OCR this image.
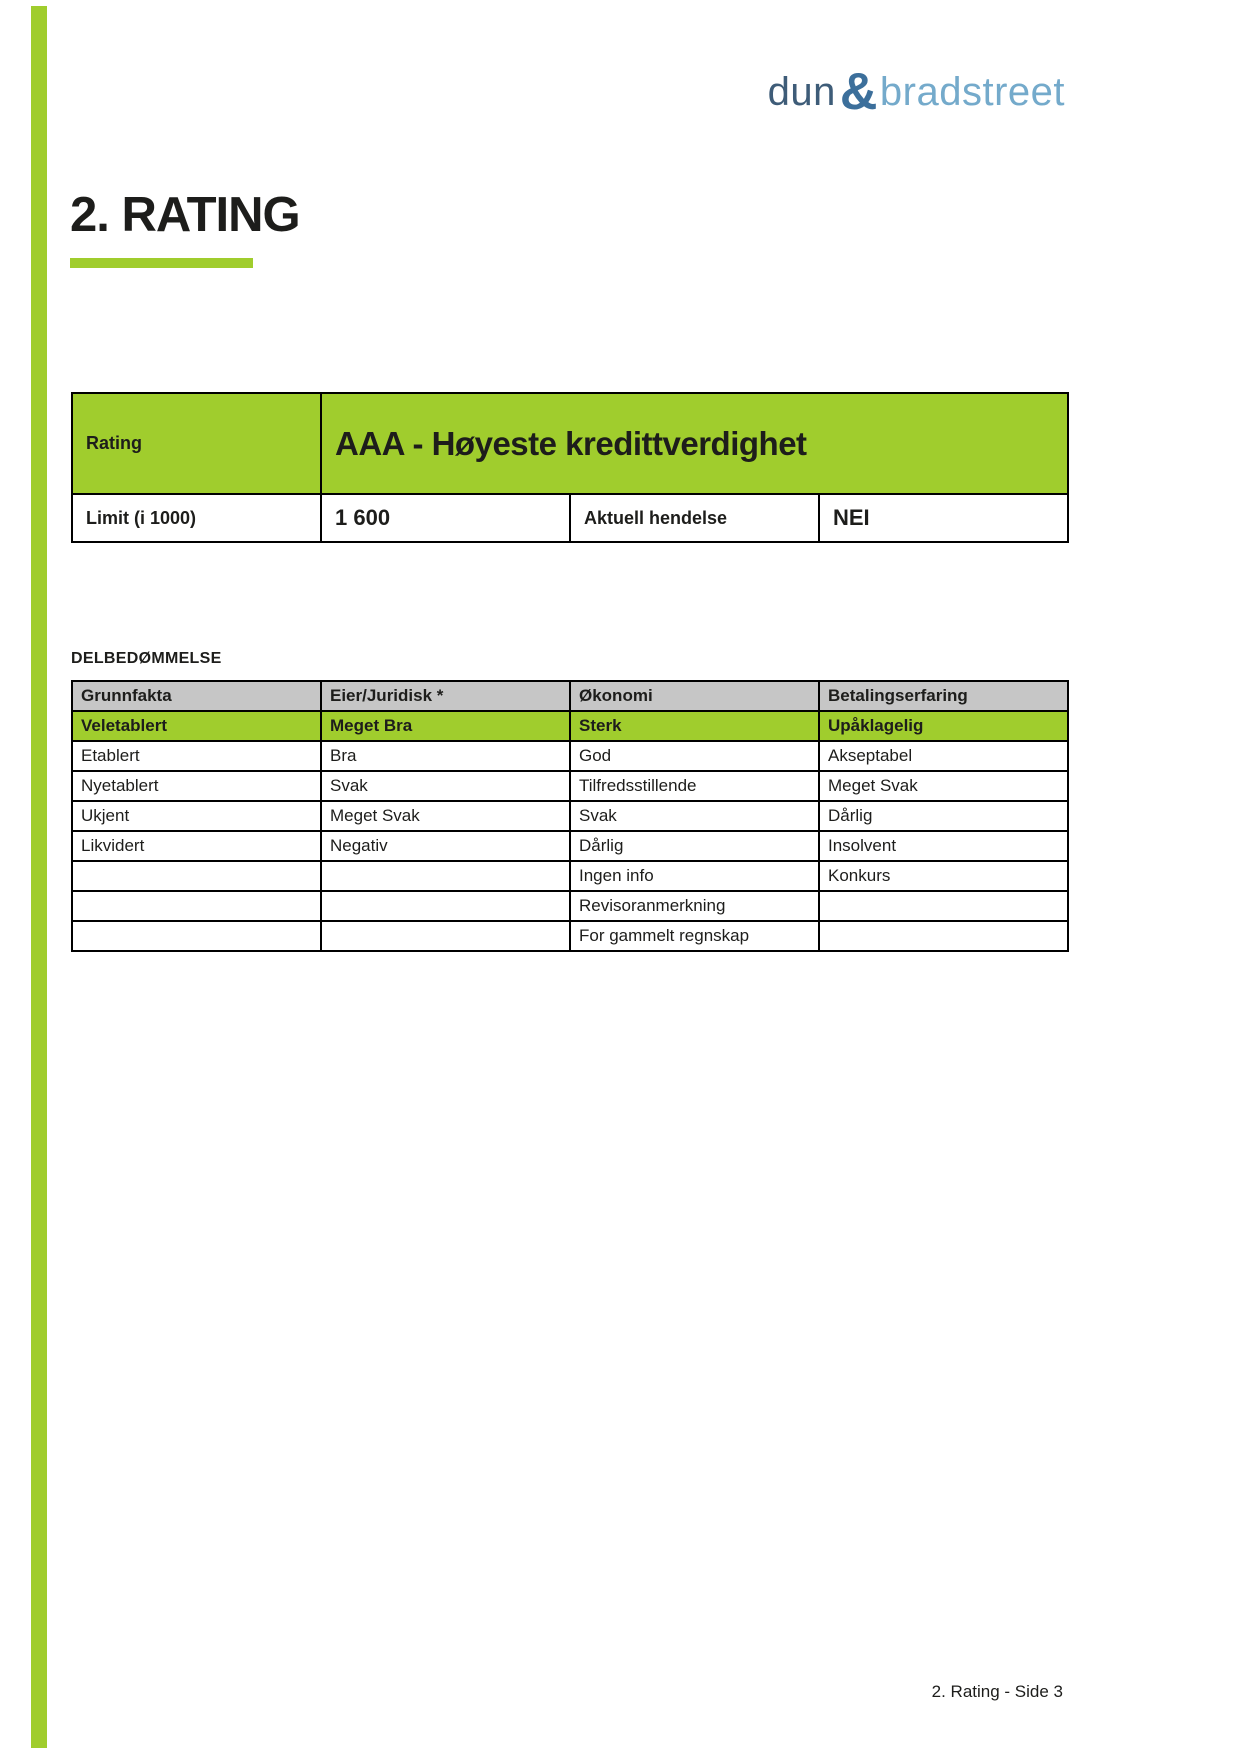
dun&bradstreet
2. RATING
Rating	AAA - Høyeste kredittverdighet		
Limit (i 1000)	1 600	Aktuell hendelse	NEI
DELBEDØMMELSE
Grunnfakta	Eier/Juridisk *	Økonomi	Betalingserfaring
Veletablert	Meget Bra	Sterk	Upåklagelig
Etablert	Bra	God	Akseptabel
Nyetablert	Svak	Tilfredsstillende	Meget Svak
Ukjent	Meget Svak	Svak	Dårlig
Likvidert	Negativ	Dårlig	Insolvent
		Ingen info	Konkurs
		Revisoranmerkning	
		For gammelt regnskap	
2. Rating - Side 3
